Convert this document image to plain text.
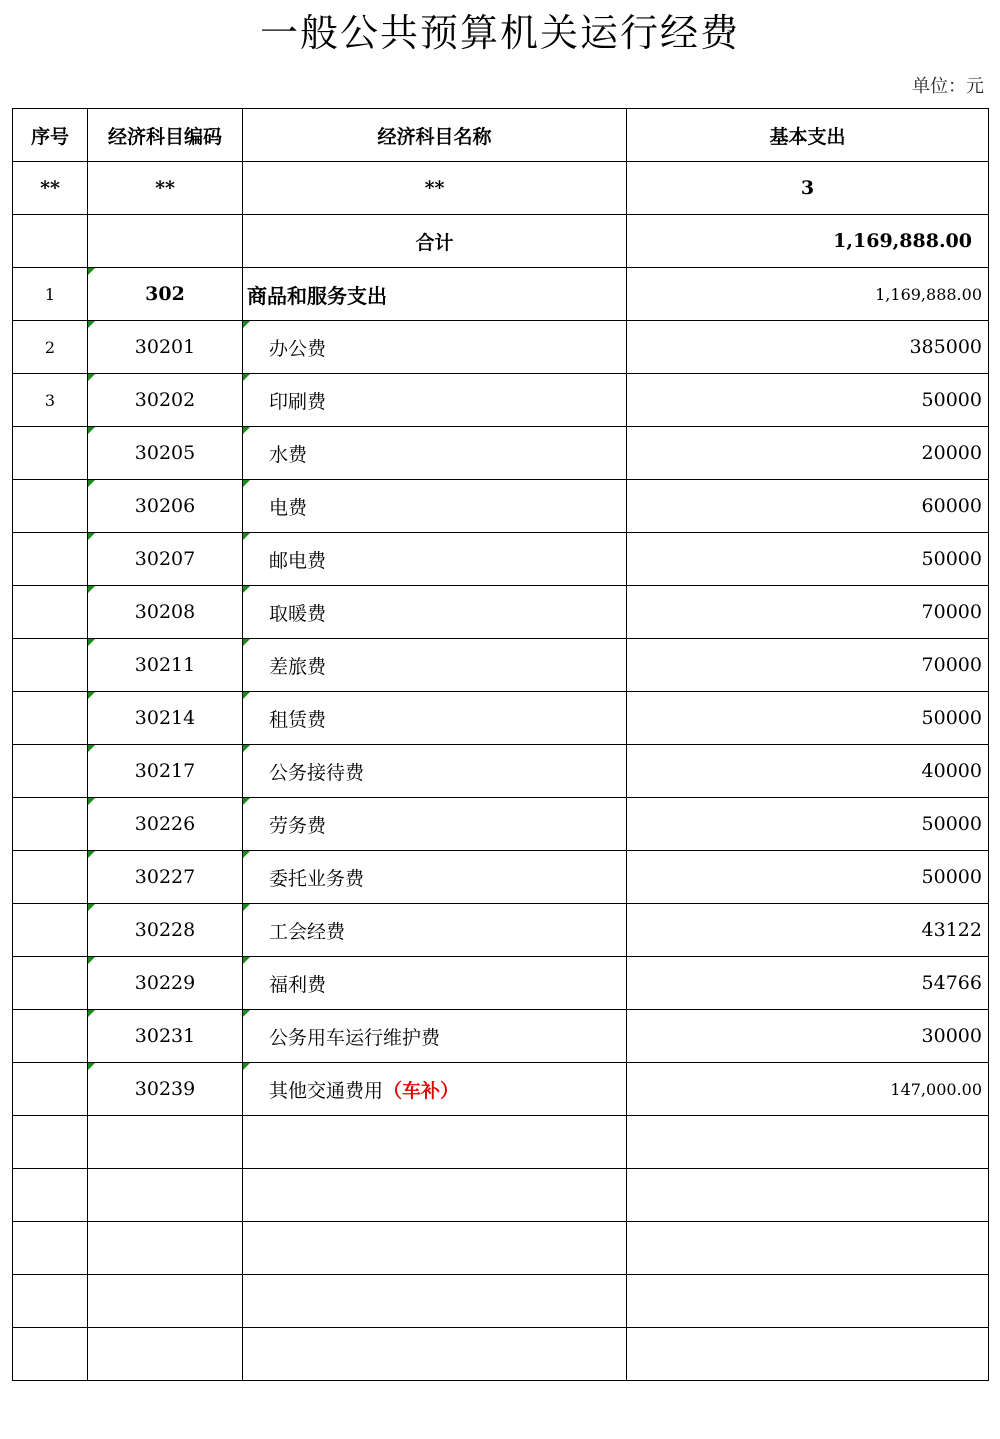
一般公共预算机关运行经费
单位：元
序号	经济科目编码	经济科目名称	基本支出
**	**	**	3
		合计	1,169,888.00
1	302	商品和服务支出	1,169,888.00
2	30201	办公费	385000
3	30202	印刷费	50000
	30205	水费	20000
	30206	电费	60000
	30207	邮电费	50000
	30208	取暖费	70000
	30211	差旅费	70000
	30214	租赁费	50000
	30217	公务接待费	40000
	30226	劳务费	50000
	30227	委托业务费	50000
	30228	工会经费	43122
	30229	福利费	54766
	30231	公务用车运行维护费	30000
	30239	其他交通费用（车补）	147,000.00
